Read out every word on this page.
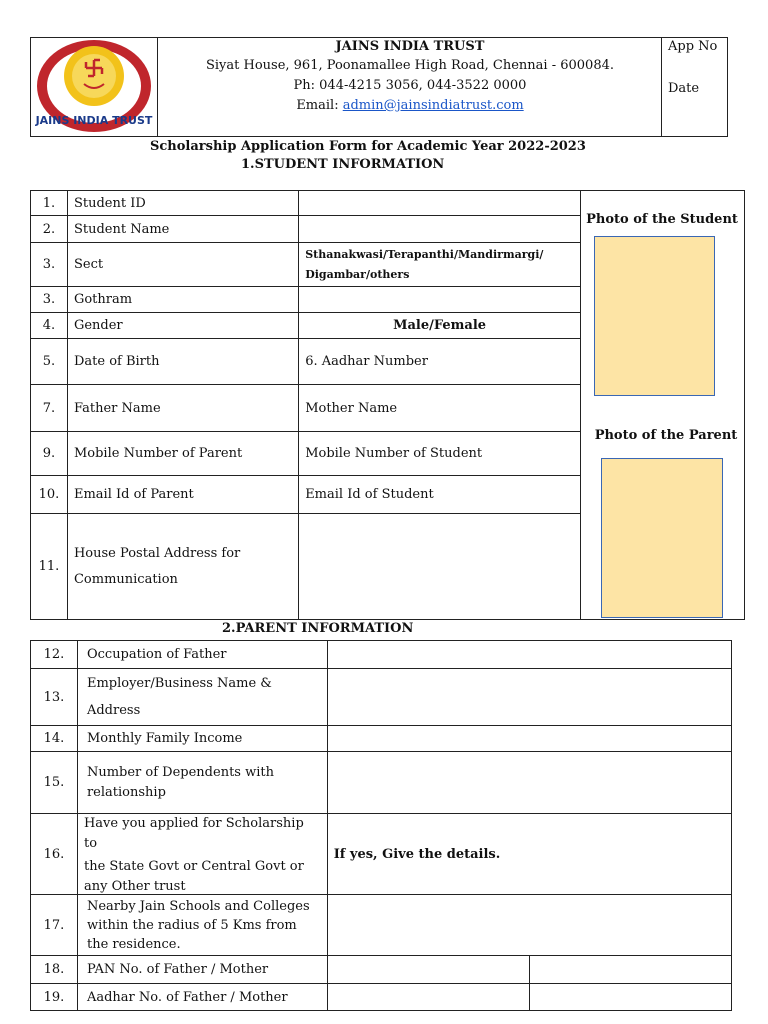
JAINS INDIA TRUST
JAINS INDIA TRUST
Siyat House, 961, Poonamallee High Road, Chennai - 600084.
Ph: 044-4215 3056, 044-3522 0000
Email: admin@jainsindiatrust.com
App No
Date
Scholarship Application Form for Academic Year 2022-2023
1.STUDENT INFORMATION
1.	Student ID	
2.	Student Name	
3.	Sect	Sthanakwasi/Terapanthi/Mandirmargi/
Digambar/others

3.	Gothram	
4.	Gender	Male/Female
5.	Date of Birth	6. Aadhar Number
7.	Father Name	Mother Name
9.	Mobile Number of Parent	Mobile Number of Student
10.	Email Id of Parent	Email Id of Student
11.	House Postal Address for
Communication	

Photo of the Student
Photo of the Parent
2.PARENT INFORMATION
12.	Occupation of Father		
13.	Employer/Business Name &
Address		

14.	Monthly Family Income		
15.	Number of Dependents with
relationship		

16.	Have you applied for Scholarship to
the State Govt or Central Govt or
any Other trust	If yes, Give the details.	
17.	Nearby Jain Schools and Colleges
within the radius of 5 Kms from
the residence.		

18.	PAN No. of Father / Mother		
19.	Aadhar No. of Father / Mother		
